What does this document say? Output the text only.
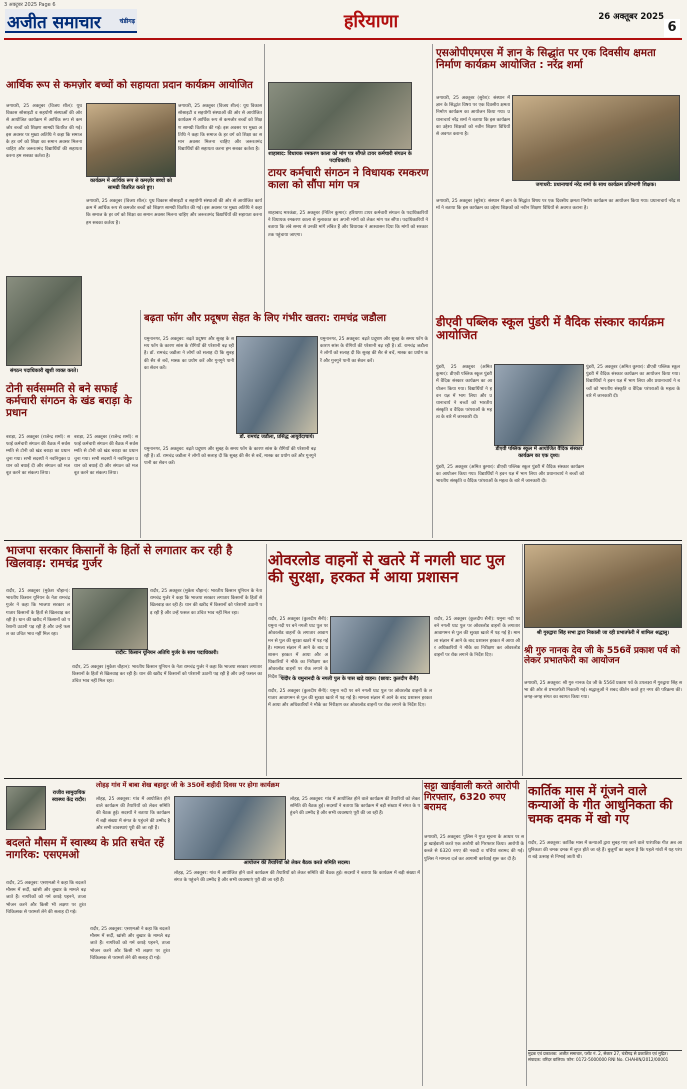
3 अक्टूबर 2025 Page 6
अजीत समाचार	चंडीगढ़	हरियाणा	26 अक्तूबर 2025
6
आर्थिक रूप से कमज़ोर बच्चों को सहायता प्रदान कार्यक्रम आयोजित
जगाधरी, 25 अक्तूबर (विजय शील): यूथ विकास सोसाइटी व सहयोगी संस्थाओं की ओर से आयोजित कार्यक्रम में आर्थिक रूप से कमजोर बच्चों को शिक्षण सामग्री वितरित की गई। इस अवसर पर मुख्य अतिथि ने कहा कि समाज के हर वर्ग को शिक्षा का समान अवसर मिलना चाहिए और जरूरतमंद विद्यार्थियों की सहायता करना हम सबका कर्तव्य है।
कार्यक्रम में आर्थिक रूप से कमज़ोर बच्चों को सामग्री वितरित करते हुए।
जगाधरी, 25 अक्तूबर (विजय शील): यूथ विकास सोसाइटी व सहयोगी संस्थाओं की ओर से आयोजित कार्यक्रम में आर्थिक रूप से कमजोर बच्चों को शिक्षण सामग्री वितरित की गई। इस अवसर पर मुख्य अतिथि ने कहा कि समाज के हर वर्ग को शिक्षा का समान अवसर मिलना चाहिए और जरूरतमंद विद्यार्थियों की सहायता करना हम सबका कर्तव्य है।
जगाधरी, 25 अक्तूबर (विजय शील): यूथ विकास सोसाइटी व सहयोगी संस्थाओं की ओर से आयोजित कार्यक्रम में आर्थिक रूप से कमजोर बच्चों को शिक्षण सामग्री वितरित की गई। इस अवसर पर मुख्य अतिथि ने कहा कि समाज के हर वर्ग को शिक्षा का समान अवसर मिलना चाहिए और जरूरतमंद विद्यार्थियों की सहायता करना हम सबका कर्तव्य है।
संगठन पदाधिकारी खुशी व्यक्त करते।
टोनी सर्वसम्मति से बने सफाई कर्मचारी संगठन के खंड बराड़ा के प्रधान
बराड़ा, 25 अक्तूबर (राजेन्द्र शर्मा): सफाई कर्मचारी संगठन की बैठक में सर्वसम्मति से टोनी को खंड बराड़ा का प्रधान चुना गया। सभी सदस्यों ने नवनियुक्त प्रधान को बधाई दी और संगठन को मजबूत करने का संकल्प लिया।
बराड़ा, 25 अक्तूबर (राजेन्द्र शर्मा): सफाई कर्मचारी संगठन की बैठक में सर्वसम्मति से टोनी को खंड बराड़ा का प्रधान चुना गया। सभी सदस्यों ने नवनियुक्त प्रधान को बधाई दी और संगठन को मजबूत करने का संकल्प लिया।
बढ़ता फॉग और प्रदूषण सेहत के लिए गंभीर खतरा: रामचंद्र जडौला
यमुनानगर, 25 अक्तूबर: बढ़ते प्रदूषण और सुबह के समय फॉग के कारण सांस के रोगियों की परेशानी बढ़ रही है। डॉ. रामचंद्र जडौला ने लोगों को सलाह दी कि सुबह की सैर से बचें, मास्क का प्रयोग करें और गुनगुने पानी का सेवन करें।
डॉ. रामचंद्र जडौला, प्रसिद्ध आयुर्वेदाचार्य।
यमुनानगर, 25 अक्तूबर: बढ़ते प्रदूषण और सुबह के समय फॉग के कारण सांस के रोगियों की परेशानी बढ़ रही है। डॉ. रामचंद्र जडौला ने लोगों को सलाह दी कि सुबह की सैर से बचें, मास्क का प्रयोग करें और गुनगुने पानी का सेवन करें।
यमुनानगर, 25 अक्तूबर: बढ़ते प्रदूषण और सुबह के समय फॉग के कारण सांस के रोगियों की परेशानी बढ़ रही है। डॉ. रामचंद्र जडौला ने लोगों को सलाह दी कि सुबह की सैर से बचें, मास्क का प्रयोग करें और गुनगुने पानी का सेवन करें।
शाहाबाद: विधायक रमकरण काला को मांग पत्र सौंपते टायर कर्मचारी संगठन के पदाधिकारी।
टायर कर्मचारी संगठन ने विधायक रमकरण काला को सौंपा मांग पत्र
शाहाबाद मारकंडा, 25 अक्तूबर (नितिन कुमार): हरियाणा टायर कर्मचारी संगठन के पदाधिकारियों ने विधायक रमकरण काला से मुलाकात कर अपनी मांगों को लेकर मांग पत्र सौंपा। पदाधिकारियों ने बताया कि लंबे समय से उनकी मांगें लंबित हैं और विधायक ने आश्वासन दिया कि मांगों को सरकार तक पहुंचाया जाएगा।
एसओपीएमएस में ज्ञान के सिद्धांत पर एक दिवसीय क्षमता निर्माण कार्यक्रम आयोजित : नरेंद्र शर्मा
जगाधरी, 25 अक्तूबर (सुरेश): संस्थान में ज्ञान के सिद्धांत विषय पर एक दिवसीय क्षमता निर्माण कार्यक्रम का आयोजन किया गया। प्रधानाचार्य नरेंद्र शर्मा ने बताया कि इस कार्यक्रम का उद्देश्य शिक्षकों को नवीन शिक्षण विधियों से अवगत कराना है।
जगाधरी: प्रधानाचार्य नरेंद्र शर्मा के साथ कार्यक्रम प्रतिभागी शिक्षक।
जगाधरी, 25 अक्तूबर (सुरेश): संस्थान में ज्ञान के सिद्धांत विषय पर एक दिवसीय क्षमता निर्माण कार्यक्रम का आयोजन किया गया। प्रधानाचार्य नरेंद्र शर्मा ने बताया कि इस कार्यक्रम का उद्देश्य शिक्षकों को नवीन शिक्षण विधियों से अवगत कराना है।
डीएवी पब्लिक स्कूल पुंडरी में वैदिक संस्कार कार्यक्रम आयोजित
डीएवी पब्लिक स्कूल में आयोजित वैदिक संस्कार कार्यक्रम का एक दृश्य।
पुंडरी, 25 अक्तूबर (अमित कुमार): डीएवी पब्लिक स्कूल पुंडरी में वैदिक संस्कार कार्यक्रम का आयोजन किया गया। विद्यार्थियों ने हवन यज्ञ में भाग लिया और प्रधानाचार्य ने बच्चों को भारतीय संस्कृति व वैदिक परंपराओं के महत्व के बारे में जानकारी दी।
पुंडरी, 25 अक्तूबर (अमित कुमार): डीएवी पब्लिक स्कूल पुंडरी में वैदिक संस्कार कार्यक्रम का आयोजन किया गया। विद्यार्थियों ने हवन यज्ञ में भाग लिया और प्रधानाचार्य ने बच्चों को भारतीय संस्कृति व वैदिक परंपराओं के महत्व के बारे में जानकारी दी।
पुंडरी, 25 अक्तूबर (अमित कुमार): डीएवी पब्लिक स्कूल पुंडरी में वैदिक संस्कार कार्यक्रम का आयोजन किया गया। विद्यार्थियों ने हवन यज्ञ में भाग लिया और प्रधानाचार्य ने बच्चों को भारतीय संस्कृति व वैदिक परंपराओं के महत्व के बारे में जानकारी दी।
भाजपा सरकार किसानों के हितों से लगातार कर रही है खिलवाड़: रामचंद्र गुर्जर
रादौर, 25 अक्तूबर (मुकेश चौहान): भारतीय किसान यूनियन के नेता रामचंद्र गुर्जर ने कहा कि भाजपा सरकार लगातार किसानों के हितों से खिलवाड़ कर रही है। धान की खरीद में किसानों को परेशानी उठानी पड़ रही है और उन्हें फसल का उचित भाव नहीं मिल रहा।
रादौर: किसान यूनियन अतिथि गुर्जर के साथ पदाधिकारी।
रादौर, 25 अक्तूबर (मुकेश चौहान): भारतीय किसान यूनियन के नेता रामचंद्र गुर्जर ने कहा कि भाजपा सरकार लगातार किसानों के हितों से खिलवाड़ कर रही है। धान की खरीद में किसानों को परेशानी उठानी पड़ रही है और उन्हें फसल का उचित भाव नहीं मिल रहा।
रादौर, 25 अक्तूबर (मुकेश चौहान): भारतीय किसान यूनियन के नेता रामचंद्र गुर्जर ने कहा कि भाजपा सरकार लगातार किसानों के हितों से खिलवाड़ कर रही है। धान की खरीद में किसानों को परेशानी उठानी पड़ रही है और उन्हें फसल का उचित भाव नहीं मिल रहा।
ओवरलोड वाहनों से खतरे में नगली घाट पुल की सुरक्षा, हरकत में आया प्रशासन
रादौर, 25 अक्तूबर (कुलदीप सैनी): यमुना नदी पर बने नगली घाट पुल पर ओवरलोड वाहनों के लगातार आवागमन से पुल की सुरक्षा खतरे में पड़ गई है। मामला संज्ञान में आने के बाद प्रशासन हरकत में आया और अधिकारियों ने मौके का निरीक्षण कर ओवरलोड वाहनों पर रोक लगाने के निर्देश दिए।
रादौर के यमुनानदी के नगली पुल के पास खड़े वाहन। (छाया: कुलदीप सैनी)
रादौर, 25 अक्तूबर (कुलदीप सैनी): यमुना नदी पर बने नगली घाट पुल पर ओवरलोड वाहनों के लगातार आवागमन से पुल की सुरक्षा खतरे में पड़ गई है। मामला संज्ञान में आने के बाद प्रशासन हरकत में आया और अधिकारियों ने मौके का निरीक्षण कर ओवरलोड वाहनों पर रोक लगाने के निर्देश दिए।
रादौर, 25 अक्तूबर (कुलदीप सैनी): यमुना नदी पर बने नगली घाट पुल पर ओवरलोड वाहनों के लगातार आवागमन से पुल की सुरक्षा खतरे में पड़ गई है। मामला संज्ञान में आने के बाद प्रशासन हरकत में आया और अधिकारियों ने मौके का निरीक्षण कर ओवरलोड वाहनों पर रोक लगाने के निर्देश दिए।
श्री गुरुद्वारा सिंह सभा द्वारा निकाली जा रही प्रभातफेरी में शामिल श्रद्धालु।
श्री गुरु नानक देव जी के 556वें प्रकाश पर्व को लेकर प्रभातफेरी का आयोजन
जगाधरी, 25 अक्तूबर: श्री गुरु नानक देव जी के 556वें प्रकाश पर्व के उपलक्ष्य में गुरुद्वारा सिंह सभा की ओर से प्रभातफेरी निकाली गई। श्रद्धालुओं ने शबद कीर्तन करते हुए नगर की परिक्रमा की। जगह-जगह संगत का स्वागत किया गया।
राजीव सामुदायिक स्वास्थ्य केंद्र रादौर।
लोहड़ गांव में बाबा शेख बहादुर जी के 350वें शहीदी दिवस पर होगा कार्यक्रम
लोहड़, 25 अक्तूबर: गांव में आयोजित होने वाले कार्यक्रम की तैयारियों को लेकर समिति की बैठक हुई। सदस्यों ने बताया कि कार्यक्रम में बड़ी संख्या में संगत के पहुंचने की उम्मीद है और सभी व्यवस्थाएं पूरी की जा रही हैं।
आयोजन की तैयारियों को लेकर बैठक करते समिति सदस्य।
लोहड़, 25 अक्तूबर: गांव में आयोजित होने वाले कार्यक्रम की तैयारियों को लेकर समिति की बैठक हुई। सदस्यों ने बताया कि कार्यक्रम में बड़ी संख्या में संगत के पहुंचने की उम्मीद है और सभी व्यवस्थाएं पूरी की जा रही हैं।
लोहड़, 25 अक्तूबर: गांव में आयोजित होने वाले कार्यक्रम की तैयारियों को लेकर समिति की बैठक हुई। सदस्यों ने बताया कि कार्यक्रम में बड़ी संख्या में संगत के पहुंचने की उम्मीद है और सभी व्यवस्थाएं पूरी की जा रही हैं।
बदलते मौसम में स्वास्थ्य के प्रति सचेत रहें नागरिक: एसएमओ
रादौर, 25 अक्तूबर: एसएमओ ने कहा कि बदलते मौसम में सर्दी, खांसी और बुखार के मामले बढ़ जाते हैं। नागरिकों को गर्म कपड़े पहनने, ताजा भोजन करने और किसी भी लक्षण पर तुरंत चिकित्सक से परामर्श लेने की सलाह दी गई।
रादौर, 25 अक्तूबर: एसएमओ ने कहा कि बदलते मौसम में सर्दी, खांसी और बुखार के मामले बढ़ जाते हैं। नागरिकों को गर्म कपड़े पहनने, ताजा भोजन करने और किसी भी लक्षण पर तुरंत चिकित्सक से परामर्श लेने की सलाह दी गई।
सट्टा खाईवाली करते आरोपी गिरफ्तार, 6320 रुपए बरामद
जगाधरी, 25 अक्तूबर: पुलिस ने गुप्त सूचना के आधार पर सट्टा खाईवाली करते एक आरोपी को गिरफ्तार किया। आरोपी के कब्जे से 6320 रुपए की नकदी व पर्चियां बरामद की गईं। पुलिस ने मामला दर्ज कर आगामी कार्रवाई शुरू कर दी है।
कार्तिक मास में गूंजने वाले कन्याओं के गीत आधुनिकता की चमक दमक में खो गए
रादौर, 25 अक्तूबर: कार्तिक मास में कन्याओं द्वारा सुबह गाए जाने वाले पारंपरिक गीत अब आधुनिकता की चमक दमक में लुप्त होते जा रहे हैं। बुजुर्गों का कहना है कि पहले गांवों में यह परंपरा बड़े उत्साह से निभाई जाती थी।
मुद्रक एवं प्रकाशक: अजीत समाचार, प्लॉट नं. 2, सेक्टर 27, चंडीगढ़ से प्रकाशित एवं मुद्रित। संपादक: वरिंदर वालिया। फोन: 0172-5000000 RNI No. CHAHIN/2012/00001
